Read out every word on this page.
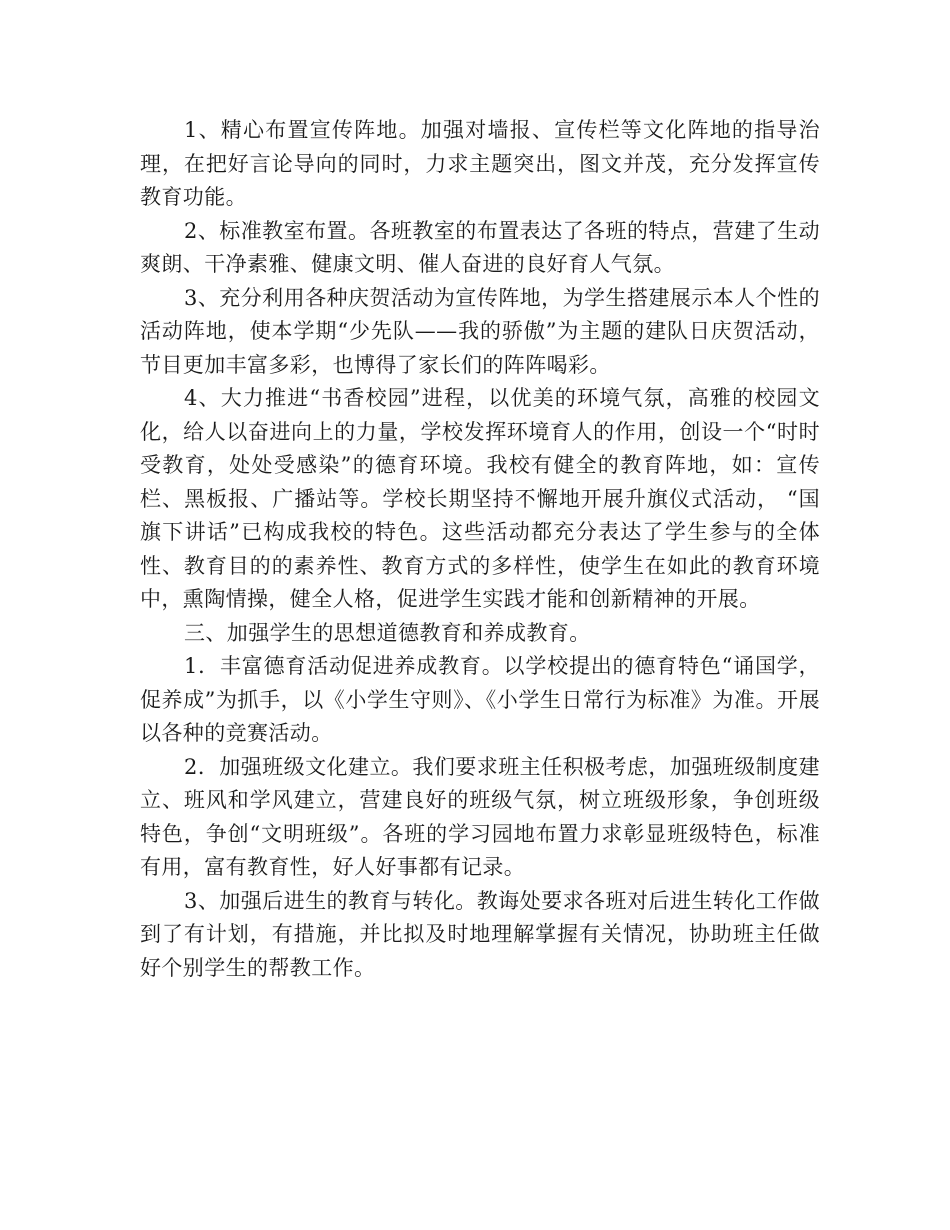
1、精心布置宣传阵地。加强对墙报、宣传栏等文化阵地的指导治理，在把好言论导向的同时，力求主题突出，图文并茂，充分发挥宣传教育功能。

2、标准教室布置。各班教室的布置表达了各班的特点，营建了生动爽朗、干净素雅、健康文明、催人奋进的良好育人气氛。

3、充分利用各种庆贺活动为宣传阵地，为学生搭建展示本人个性的活动阵地，使本学期“少先队——我的骄傲”为主题的建队日庆贺活动，节目更加丰富多彩，也博得了家长们的阵阵喝彩。

4、大力推进“书香校园”进程，以优美的环境气氛，高雅的校园文化，给人以奋进向上的力量，学校发挥环境育人的作用，创设一个“时时受教育，处处受感染”的德育环境。我校有健全的教育阵地，如：宣传栏、黑板报、广播站等。学校长期坚持不懈地开展升旗仪式活动， “国旗下讲话”已构成我校的特色。这些活动都充分表达了学生参与的全体性、教育目的的素养性、教育方式的多样性，使学生在如此的教育环境中，熏陶情操，健全人格，促进学生实践才能和创新精神的开展。

三、加强学生的思想道德教育和养成教育。

1．丰富德育活动促进养成教育。以学校提出的德育特色“诵国学，促养成”为抓手，以《小学生守则》、《小学生日常行为标准》为准。开展以各种的竞赛活动。

2．加强班级文化建立。我们要求班主任积极考虑，加强班级制度建立、班风和学风建立，营建良好的班级气氛，树立班级形象，争创班级特色，争创“文明班级”。各班的学习园地布置力求彰显班级特色，标准有用，富有教育性，好人好事都有记录。

3、加强后进生的教育与转化。教诲处要求各班对后进生转化工作做到了有计划，有措施，并比拟及时地理解掌握有关情况，协助班主任做好个别学生的帮教工作。
